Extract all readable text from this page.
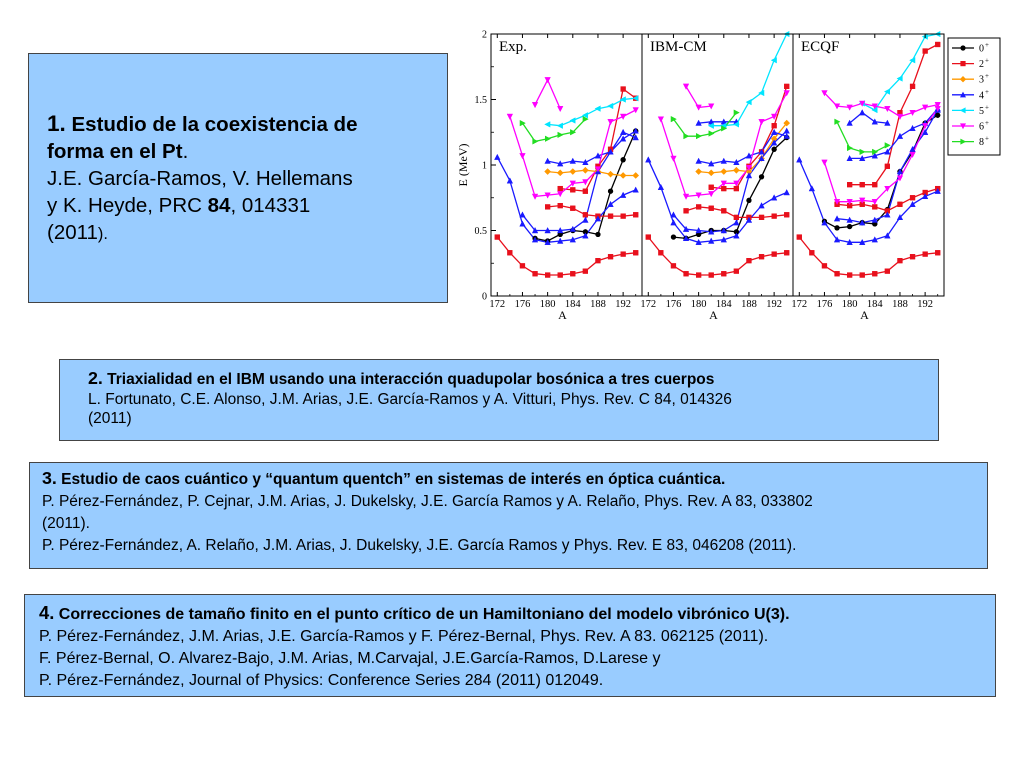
1. Estudio de la coexistencia de
forma en el Pt.
J.E. García-Ramos, V. Hellemans
y K. Heyde, PRC 84, 014331
(2011).
Exp.
172 176 180 184 188 192
A
IBM-CM
172 176 180 184 188 192
A
ECQF
172 176 180 184 188 192
A
0
0.5
1
1.5
2
E (MeV)
0 +
2 +
3 +
4 +
5 +
6 +
8 +
2. Triaxialidad en el IBM usando una interacción quadupolar bosónica a tres cuerpos
L. Fortunato, C.E. Alonso, J.M. Arias, J.E. García-Ramos y A. Vitturi, Phys. Rev. C 84, 014326
(2011)
3. Estudio de caos cuántico y “quantum quentch” en sistemas de interés en óptica cuántica.
P. Pérez-Fernández, P. Cejnar, J.M. Arias, J. Dukelsky, J.E. García Ramos y A. Relaño, Phys. Rev. A 83, 033802
(2011).
P. Pérez-Fernández, A. Relaño, J.M. Arias, J. Dukelsky, J.E. García Ramos y Phys. Rev. E 83, 046208 (2011).
4. Correcciones de tamaño finito en el punto crítico de un Hamiltoniano del modelo vibrónico U(3).
P. Pérez-Fernández, J.M. Arias, J.E. García-Ramos y F. Pérez-Bernal, Phys. Rev. A 83. 062125 (2011).
F. Pérez-Bernal, O. Alvarez-Bajo, J.M. Arias, M.Carvajal, J.E.García-Ramos, D.Larese y
P. Pérez-Fernández, Journal of Physics: Conference Series 284 (2011) 012049.
